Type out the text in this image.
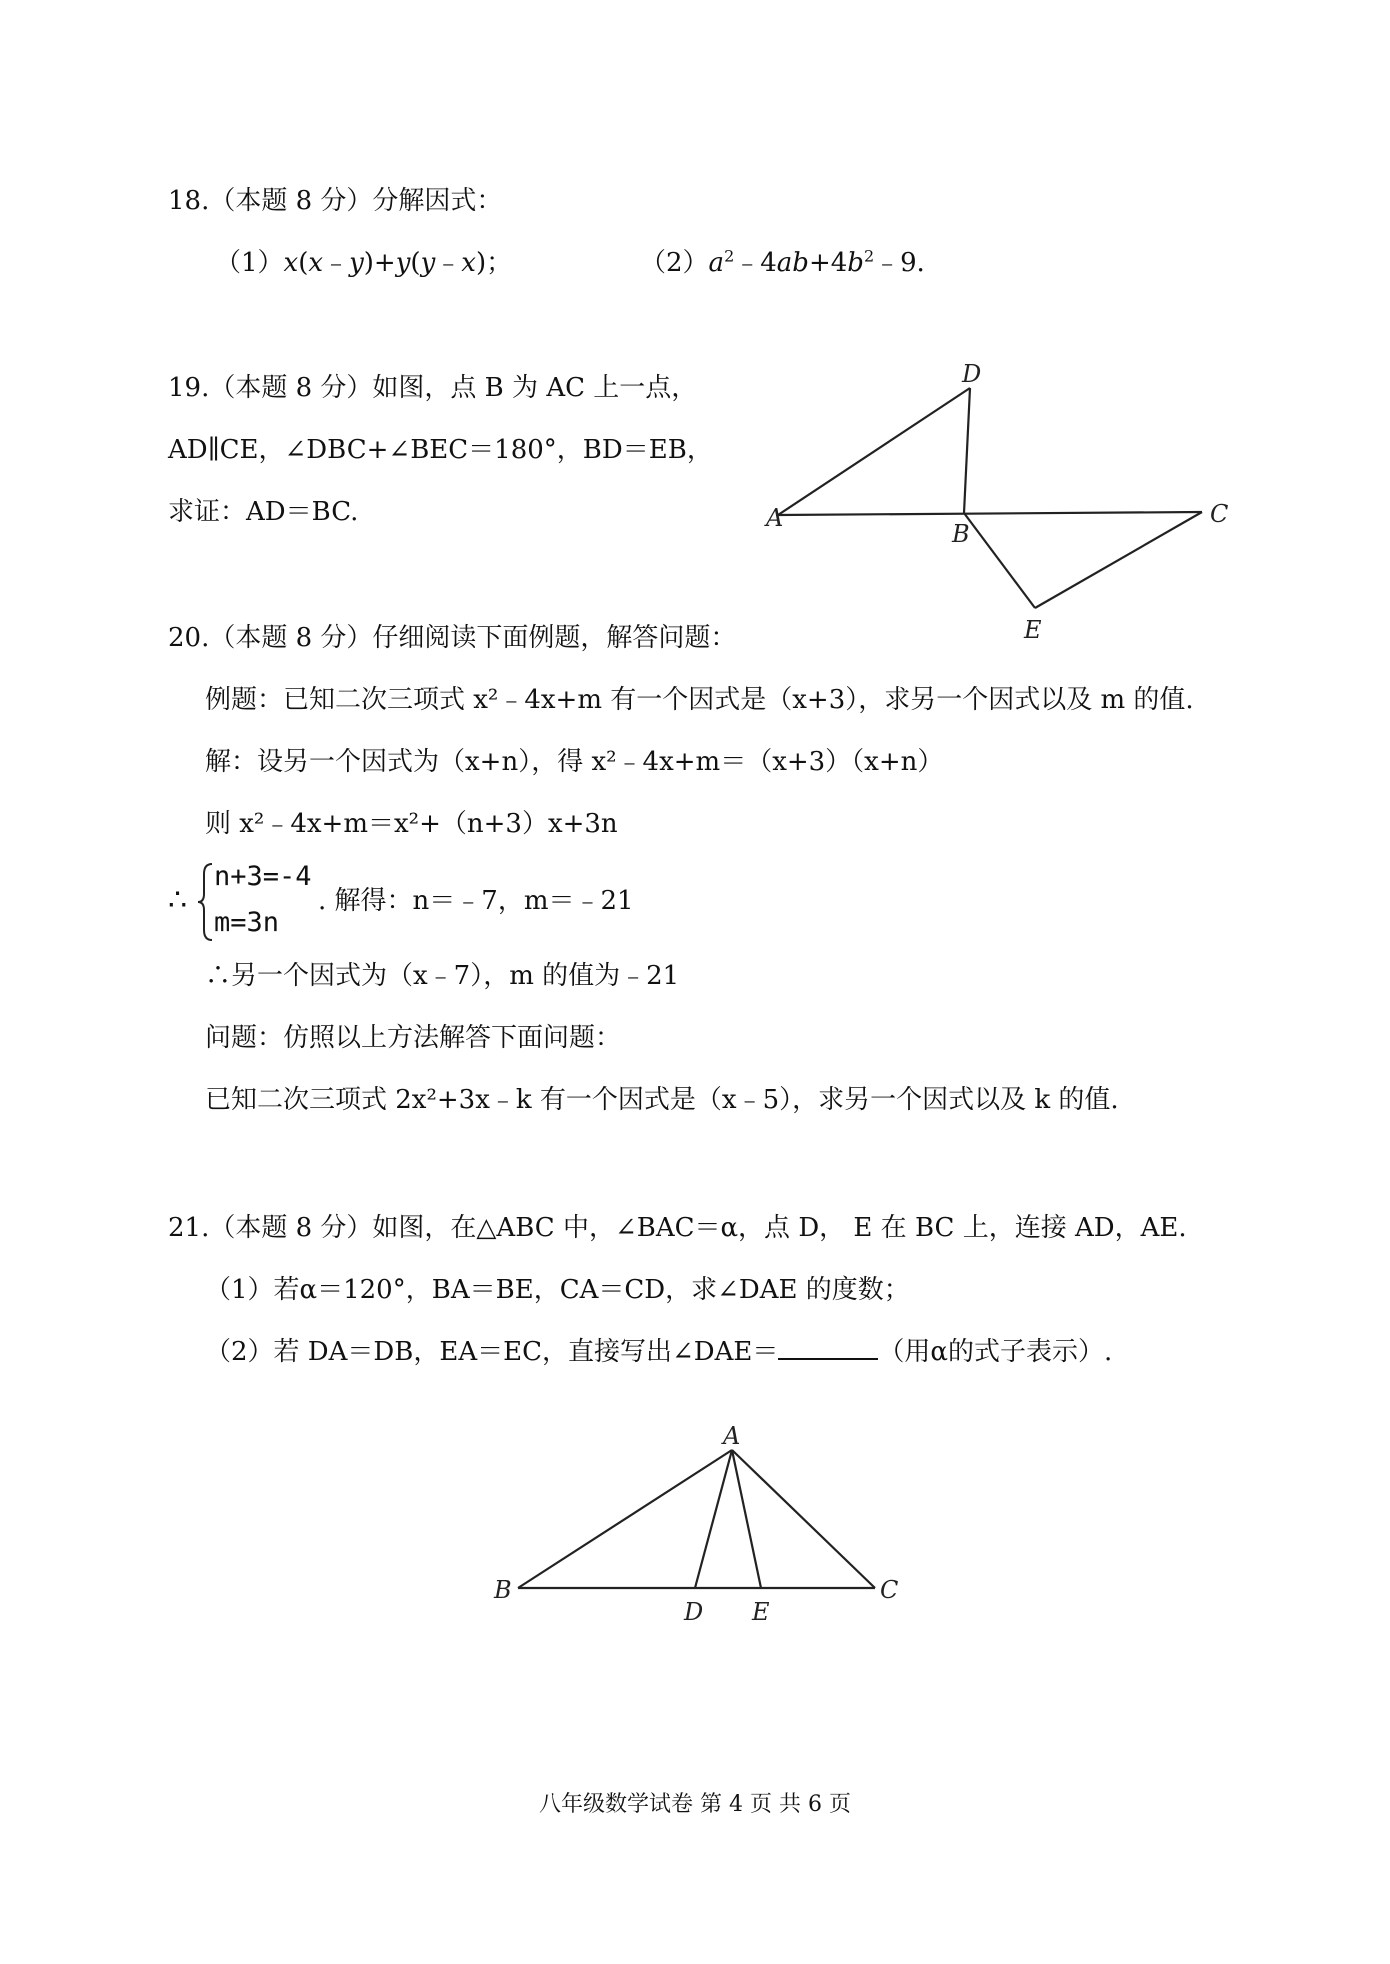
18.（本题 8 分）分解因式：
（1）x(x﹣y)+y(y﹣x)；	$(2)a^2﹣4ab+4b^2﹣9$．
19.（本题 8 分）如图，点 B 为 AC 上一点，
AD∥CE，∠DBC+∠BEC＝180°，BD＝EB，
求证：AD＝BC.	A
B
C
D
E
20.（本题 8 分）仔细阅读下面例题，解答问题：
例题：已知二次三项式 x²﹣4x+m 有一个因式是（x+3），求另一个因式以及 m 的值.
解：设另一个因式为（x+n），得 x²﹣4x+m＝（x+3）（x+n）
则 x²﹣4x+m＝x²+（n+3）x+3n
∴
n+3=-4
m=3n
. 解得：n＝﹣7，m＝﹣21
∴另一个因式为（x﹣7），m 的值为﹣21
问题：仿照以上方法解答下面问题：
已知二次三项式 2x²+3x﹣k 有一个因式是（x﹣5），求另一个因式以及 k 的值.
21.（本题 8 分）如图，在△ABC 中，∠BAC＝α，点 D， E 在 BC 上，连接 AD，AE.
（1）若α＝120°，BA＝BE，CA＝CD，求∠DAE 的度数；
（2）若 DA＝DB，EA＝EC，直接写出∠DAE＝	（用α的式子表示）.
A
B	C
D E
八年级数学试卷 第 4 页 共 6 页
